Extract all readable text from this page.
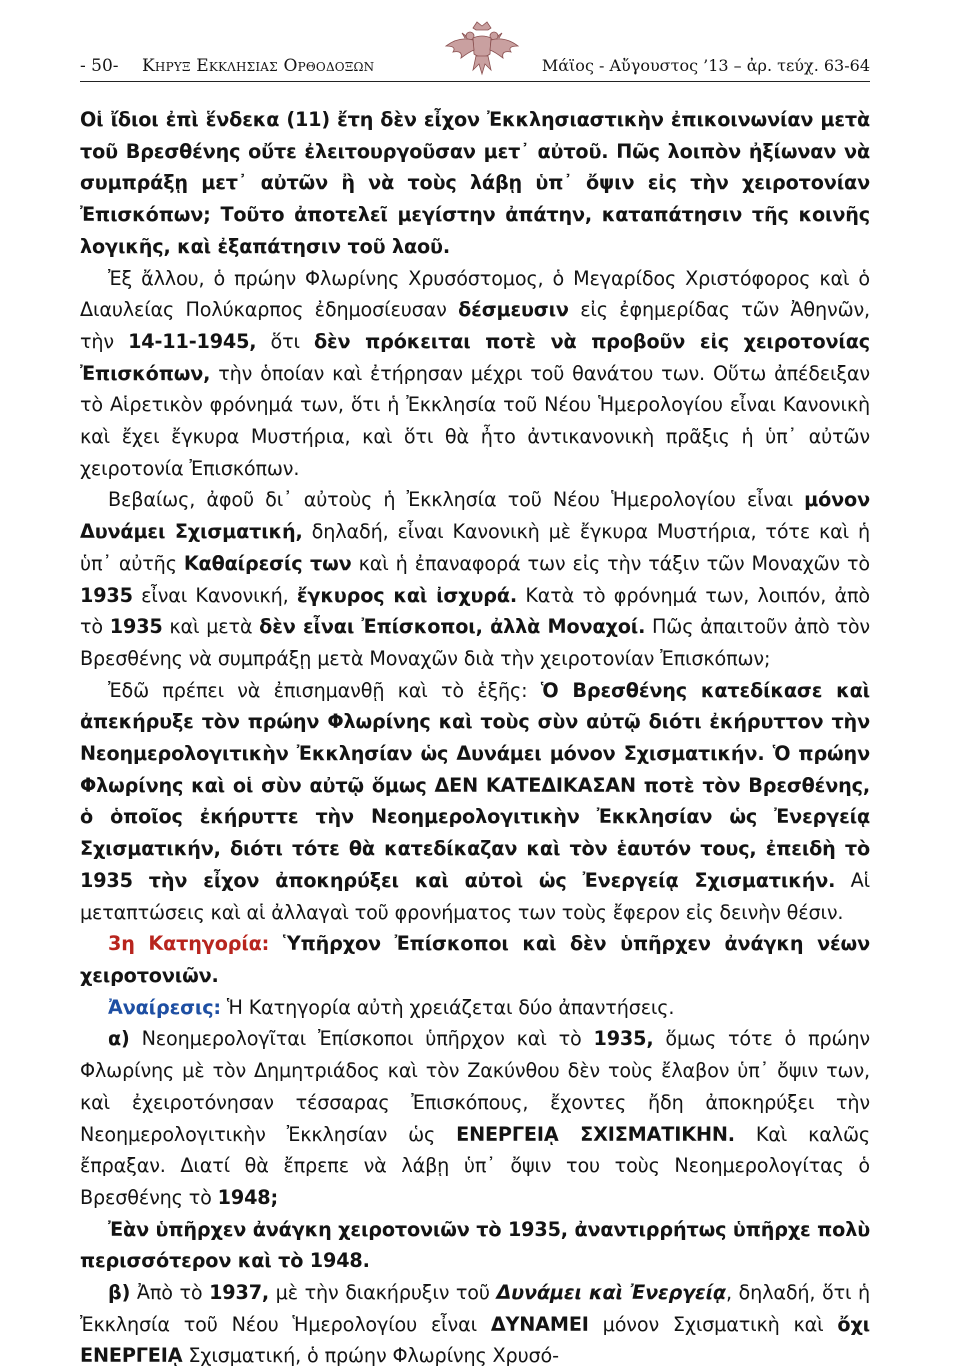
- 50- Κηρυξ Εκκλησιας Ορθοδοξων	Μάϊος - Αὔγουστος ’13 – ἀρ. τεύχ. 63-64

Οἱ ἴδιοι ἐπὶ ἕνδεκα (11) ἔτη δὲν εἶχον Ἐκκλησιαστικὴν ἐπικοινωνίαν μετὰ τοῦ Βρεσθένης οὔτε ἐλειτουργοῦσαν μετ᾽ αὐτοῦ. Πῶς λοιπὸν ἠξίωναν νὰ συμπράξῃ μετ᾽ αὐτῶν ἢ νὰ τοὺς λάβῃ ὑπ᾽ ὄψιν εἰς τὴν χειροτονίαν Ἐπισκόπων; Τοῦτο ἀποτελεῖ μεγίστην ἀπάτην, καταπάτησιν τῆς κοινῆς λογικῆς, καὶ ἐξαπάτησιν τοῦ λαοῦ.

Ἐξ ἄλλου, ὁ πρώην Φλωρίνης Χρυσόστομος, ὁ Μεγαρίδος Χριστόφορος καὶ ὁ Διαυλείας Πολύκαρπος ἐδημοσίευσαν δέσμευσιν εἰς ἐφημερίδας τῶν Ἀθηνῶν, τὴν 14-11-1945, ὅτι δὲν πρόκειται ποτὲ νὰ προβοῦν εἰς χειροτονίας Ἐπισκόπων, τὴν ὁποίαν καὶ ἐτήρησαν μέχρι τοῦ θανάτου των. Οὕτω ἀπέδειξαν τὸ Αἱρετικὸν φρόνημά των, ὅτι ἡ Ἐκκλησία τοῦ Νέου Ἡμερολογίου εἶναι Κανονικὴ καὶ ἔχει ἔγκυρα Μυστήρια, καὶ ὅτι θὰ ἦτο ἀντικανονικὴ πρᾶξις ἡ ὑπ᾽ αὐτῶν χειροτονία Ἐπισκόπων.

Βεβαίως, ἀφοῦ δι᾽ αὐτοὺς ἡ Ἐκκλησία τοῦ Νέου Ἡμερολογίου εἶναι μόνον Δυνάμει Σχισματική, δηλαδή, εἶναι Κανονικὴ μὲ ἔγκυρα Μυστήρια, τότε καὶ ἡ ὑπ᾽ αὐτῆς Καθαίρεσίς των καὶ ἡ ἐπαναφορά των εἰς τὴν τάξιν τῶν Μοναχῶν τὸ 1935 εἶναι Κανονική, ἔγκυρος καὶ ἰσχυρά. Κατὰ τὸ φρόνημά των, λοιπόν, ἀπὸ τὸ 1935 καὶ μετὰ δὲν εἶναι Ἐπίσκοποι, ἀλλὰ Μοναχοί. Πῶς ἀπαιτοῦν ἀπὸ τὸν Βρεσθένης νὰ συμπράξῃ μετὰ Μοναχῶν διὰ τὴν χειροτονίαν Ἐπισκόπων;

Ἐδῶ πρέπει νὰ ἐπισημανθῇ καὶ τὸ ἑξῆς: Ὁ Βρεσθένης κατεδίκασε καὶ ἀπεκήρυξε τὸν πρώην Φλωρίνης καὶ τοὺς σὺν αὐτῷ διότι ἐκήρυττον τὴν Νεοημερολογιτικὴν Ἐκκλησίαν ὡς Δυνάμει μόνον Σχισματικήν. Ὁ πρώην Φλωρίνης καὶ οἱ σὺν αὐτῷ ὅμως ΔΕΝ ΚΑΤΕΔΙΚΑΣΑΝ ποτὲ τὸν Βρεσθένης, ὁ ὁποῖος ἐκήρυττε τὴν Νεοημερολογιτικὴν Ἐκκλησίαν ὡς Ἐνεργείᾳ Σχισματικήν, διότι τότε θὰ κατεδίκαζαν καὶ τὸν ἑαυτόν τους, ἐπειδὴ τὸ 1935 τὴν εἶχον ἀποκηρύξει καὶ αὐτοὶ ὡς Ἐνεργείᾳ Σχισματικήν. Αἱ μεταπτώσεις καὶ αἱ ἀλλαγαὶ τοῦ φρονήματος των τοὺς ἔφερον εἰς δεινὴν θέσιν.

3η Κατηγορία: Ὑπῆρχον Ἐπίσκοποι καὶ δὲν ὑπῆρχεν ἀνάγκη νέων χειροτονιῶν.

Ἀναίρεσις: Ἡ Κατηγορία αὐτὴ χρειάζεται δύο ἀπαντήσεις.

α) Νεοημερολογῖται Ἐπίσκοποι ὑπῆρχον καὶ τὸ 1935, ὅμως τότε ὁ πρώην Φλωρίνης μὲ τὸν Δημητριάδος καὶ τὸν Ζακύνθου δὲν τοὺς ἔλαβον ὑπ᾽ ὄψιν των, καὶ ἐχειροτόνησαν τέσσαρας Ἐπισκόπους, ἔχοντες ἤδη ἀποκηρύξει τὴν Νεοημερολογιτικὴν Ἐκκλησίαν ὡς ΕΝΕΡΓΕΙᾼ ΣΧΙΣΜΑΤΙΚΗΝ. Καὶ καλῶς ἔπραξαν. Διατί θὰ ἔπρεπε νὰ λάβῃ ὑπ᾽ ὄψιν του τοὺς Νεοημερολογίτας ὁ Βρεσθένης τὸ 1948;

Ἐὰν ὑπῆρχεν ἀνάγκη χειροτονιῶν τὸ 1935, ἀναντιρρήτως ὑπῆρχε πολὺ περισσότερον καὶ τὸ 1948.

β) Ἀπὸ τὸ 1937, μὲ τὴν διακήρυξιν τοῦ Δυνάμει καὶ Ἐνεργείᾳ, δηλαδή, ὅτι ἡ Ἐκκλησία τοῦ Νέου Ἡμερολογίου εἶναι ΔΥΝΑΜΕΙ μόνον Σχισματικὴ καὶ ὄχι ΕΝΕΡΓΕΙᾼ Σχισματική, ὁ πρώην Φλωρίνης Χρυσό-
